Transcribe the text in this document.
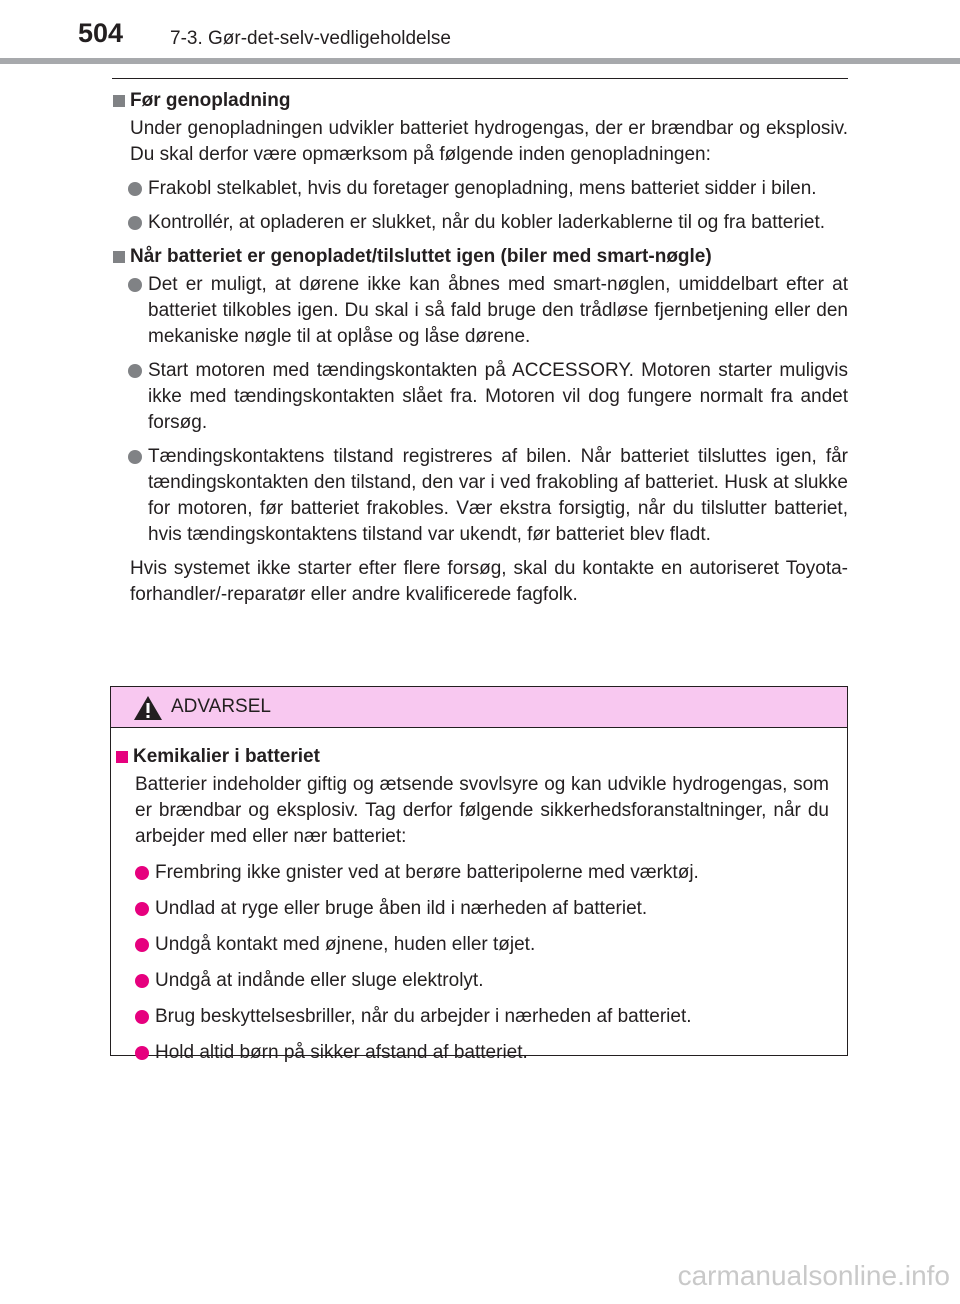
504 7-3. Gør-det-selv-vedligeholdelse
Før genopladning
Under genopladningen udvikler batteriet hydrogengas, der er brændbar og eksplosiv. Du skal derfor være opmærksom på følgende inden genopladningen:
Frakobl stelkablet, hvis du foretager genopladning, mens batteriet sidder i bilen.
Kontrollér, at opladeren er slukket, når du kobler laderkablerne til og fra batteriet.
Når batteriet er genopladet/tilsluttet igen (biler med smart-nøgle)
Det er muligt, at dørene ikke kan åbnes med smart-nøglen, umiddelbart efter at batteriet tilkobles igen. Du skal i så fald bruge den trådløse fjernbetjening eller den mekaniske nøgle til at oplåse og låse dørene.
Start motoren med tændingskontakten på ACCESSORY. Motoren starter muligvis ikke med tændingskontakten slået fra. Motoren vil dog fungere normalt fra andet forsøg.
Tændingskontaktens tilstand registreres af bilen. Når batteriet tilsluttes igen, får tændingskontakten den tilstand, den var i ved frakobling af batteriet. Husk at slukke for motoren, før batteriet frakobles. Vær ekstra forsigtig, når du tilslutter batteriet, hvis tændingskontaktens tilstand var ukendt, før batteriet blev fladt.
Hvis systemet ikke starter efter flere forsøg, skal du kontakte en autoriseret Toyota-forhandler/-reparatør eller andre kvalificerede fagfolk.
ADVARSEL
Kemikalier i batteriet
Batterier indeholder giftig og ætsende svovlsyre og kan udvikle hydrogengas, som er brændbar og eksplosiv. Tag derfor følgende sikkerhedsforanstaltninger, når du arbejder med eller nær batteriet:
Frembring ikke gnister ved at berøre batteripolerne med værktøj.
Undlad at ryge eller bruge åben ild i nærheden af batteriet.
Undgå kontakt med øjnene, huden eller tøjet.
Undgå at indånde eller sluge elektrolyt.
Brug beskyttelsesbriller, når du arbejder i nærheden af batteriet.
Hold altid børn på sikker afstand af batteriet.
carmanualsonline.info
